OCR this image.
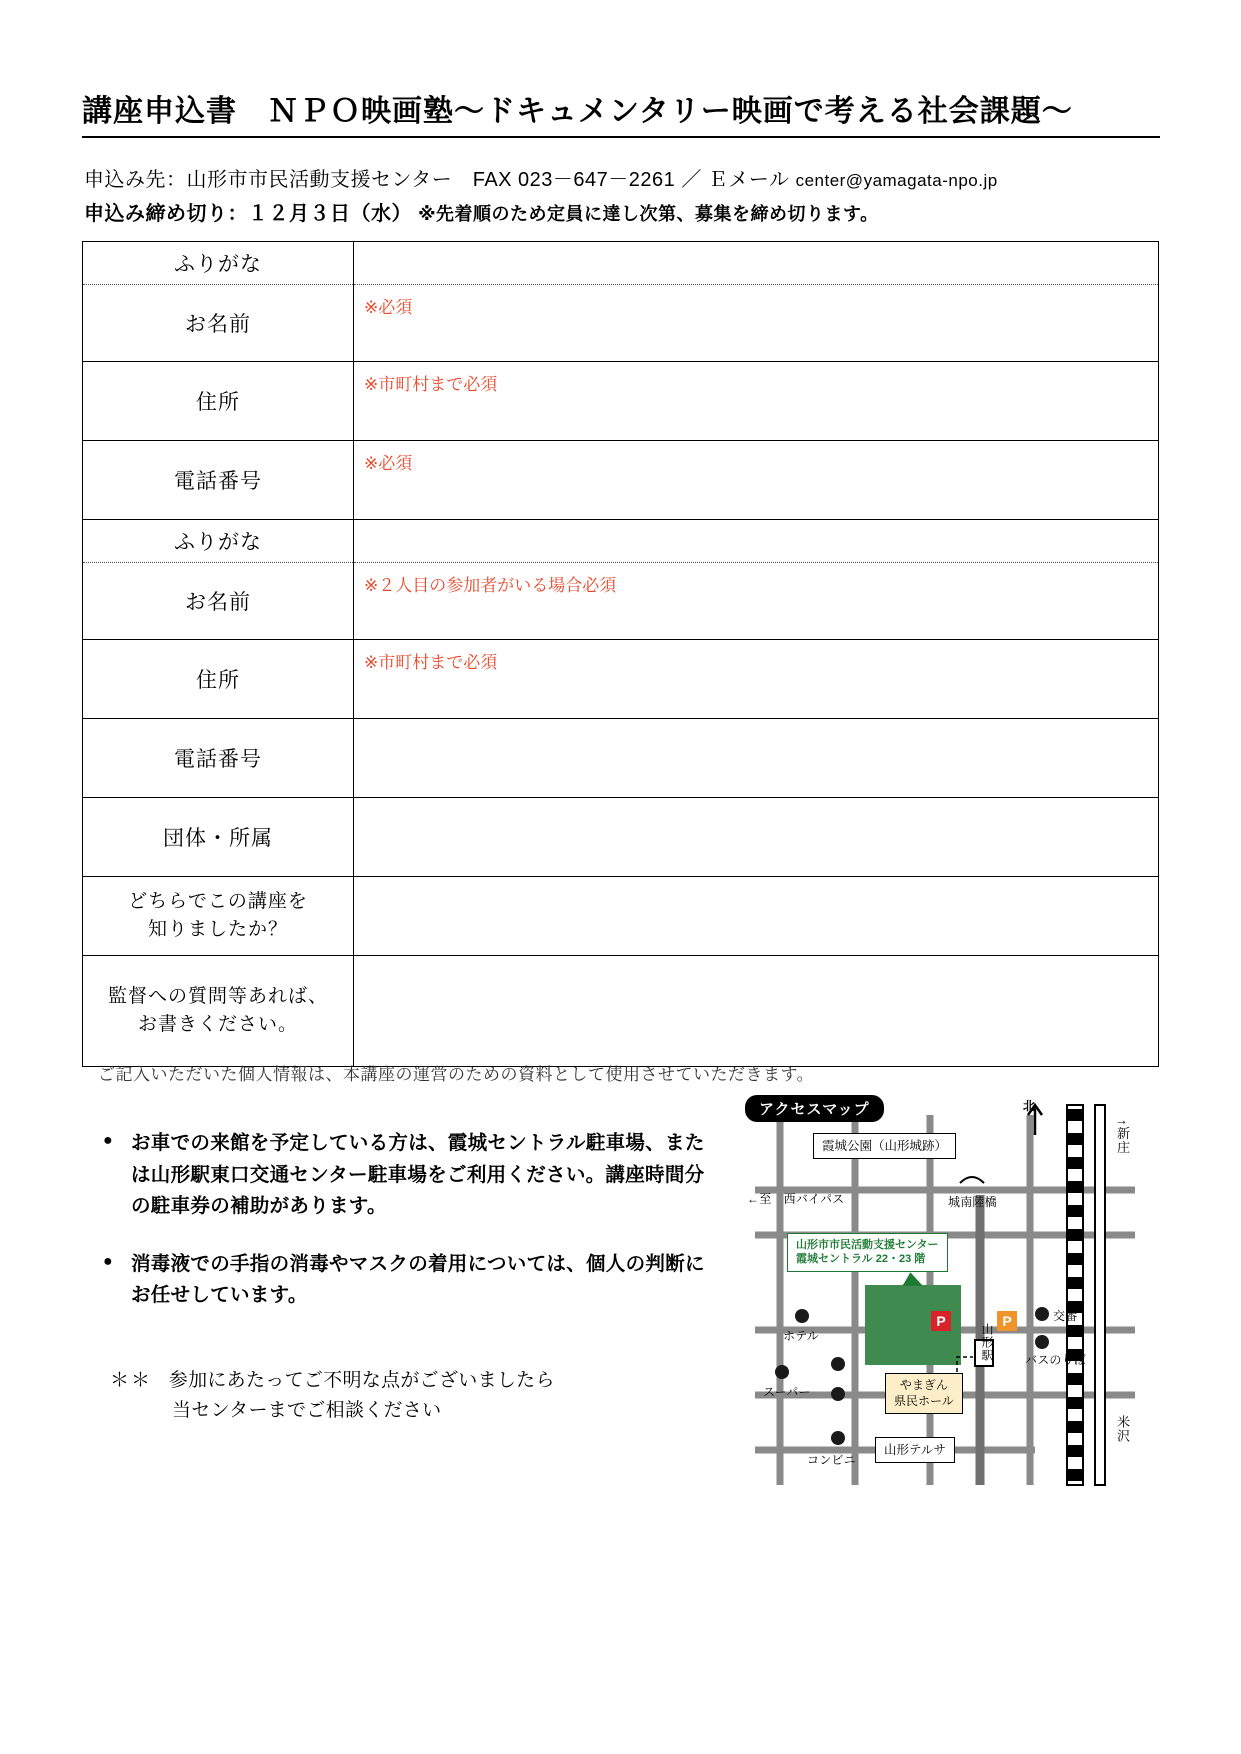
講座申込書　ＮＰＯ映画塾～ドキュメンタリー映画で考える社会課題～
申込み先：山形市市民活動支援センター　FAX 023－647－2261 ／ Ｅメール center@yamagata-npo.jp
申込み締め切り：１２月３日（水） ※先着順のため定員に達し次第、募集を締め切ります。
ふりがな	
お名前	※必須
住所	※市町村まで必須
電話番号	※必須
ふりがな	
お名前	※２人目の参加者がいる場合必須
住所	※市町村まで必須
電話番号	
団体・所属	

どちらでこの講座を
知りましたか？	

監督への質問等あれば、
お書きください。	

ご記入いただいた個人情報は、本講座の運営のための資料として使用させていただきます。
● お車での来館を予定している方は、霞城セントラル駐車場、または山形駅東口交通センター駐車場をご利用ください。講座時間分の駐車券の補助があります。
● 消毒液での手指の消毒やマスクの着用については、個人の判断にお任せしています。
＊＊ 参加にあたってご不明な点がございましたら
当センターまでご相談ください
アクセスマップ
霞城公園（山形城跡）
北
↑新庄
米沢
←至　西バイパス	城南陸橋
山形市市民活動支援センター
霞城セントラル 22・23 階
P	P
ホテル
スーパー
コンビニ
山形駅
交番
バスのりば
やまぎん
県民ホール
山形テルサ
